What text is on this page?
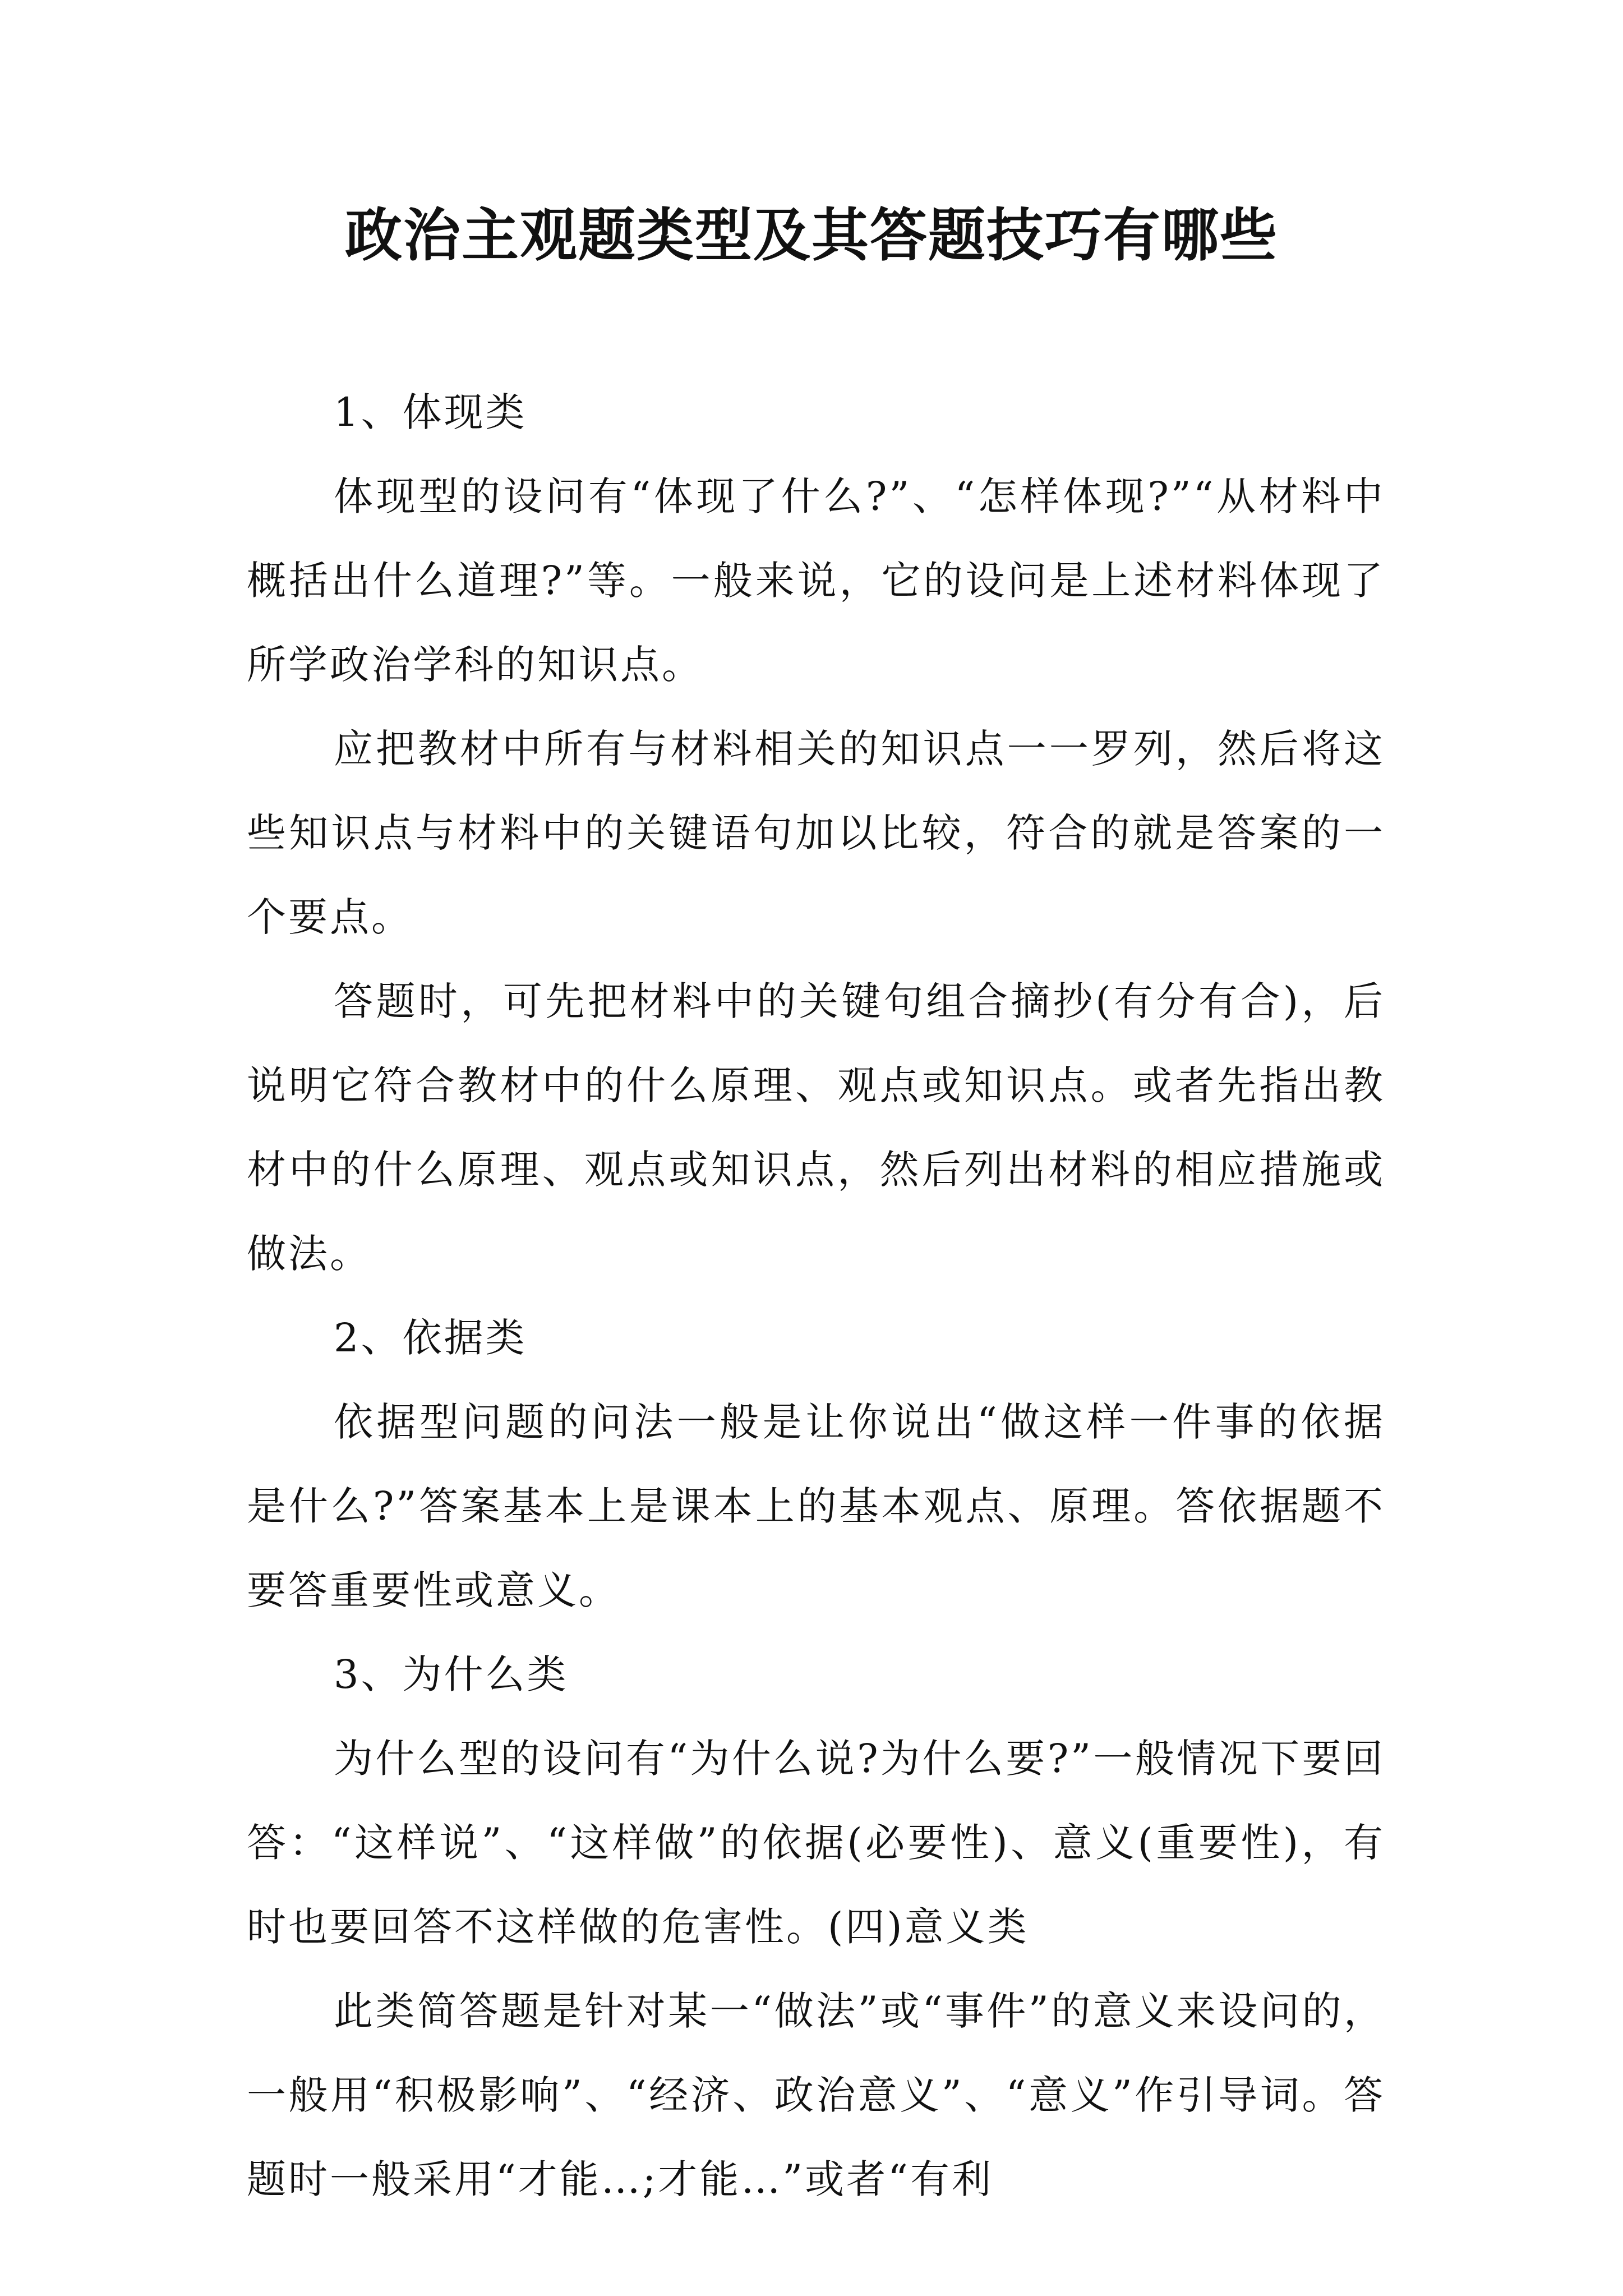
政治主观题类型及其答题技巧有哪些

1、体现类

体现型的设问有“体现了什么?”、“怎样体现?”“从材料中概括出什么道理?”等。一般来说，它的设问是上述材料体现了所学政治学科的知识点。

应把教材中所有与材料相关的知识点一一罗列，然后将这些知识点与材料中的关键语句加以比较，符合的就是答案的一个要点。

答题时，可先把材料中的关键句组合摘抄(有分有合)，后说明它符合教材中的什么原理、观点或知识点。或者先指出教材中的什么原理、观点或知识点，然后列出材料的相应措施或做法。

2、依据类

依据型问题的问法一般是让你说出“做这样一件事的依据是什么?”答案基本上是课本上的基本观点、原理。答依据题不要答重要性或意义。

3、为什么类

为什么型的设问有“为什么说?为什么要?”一般情况下要回答：“这样说”、“这样做”的依据(必要性)、意义(重要性)，有时也要回答不这样做的危害性。(四)意义类

此类简答题是针对某一“做法”或“事件”的意义来设问的，一般用“积极影响”、“经济、政治意义”、“意义”作引导词。答题时一般采用“才能…;才能…”或者“有利
